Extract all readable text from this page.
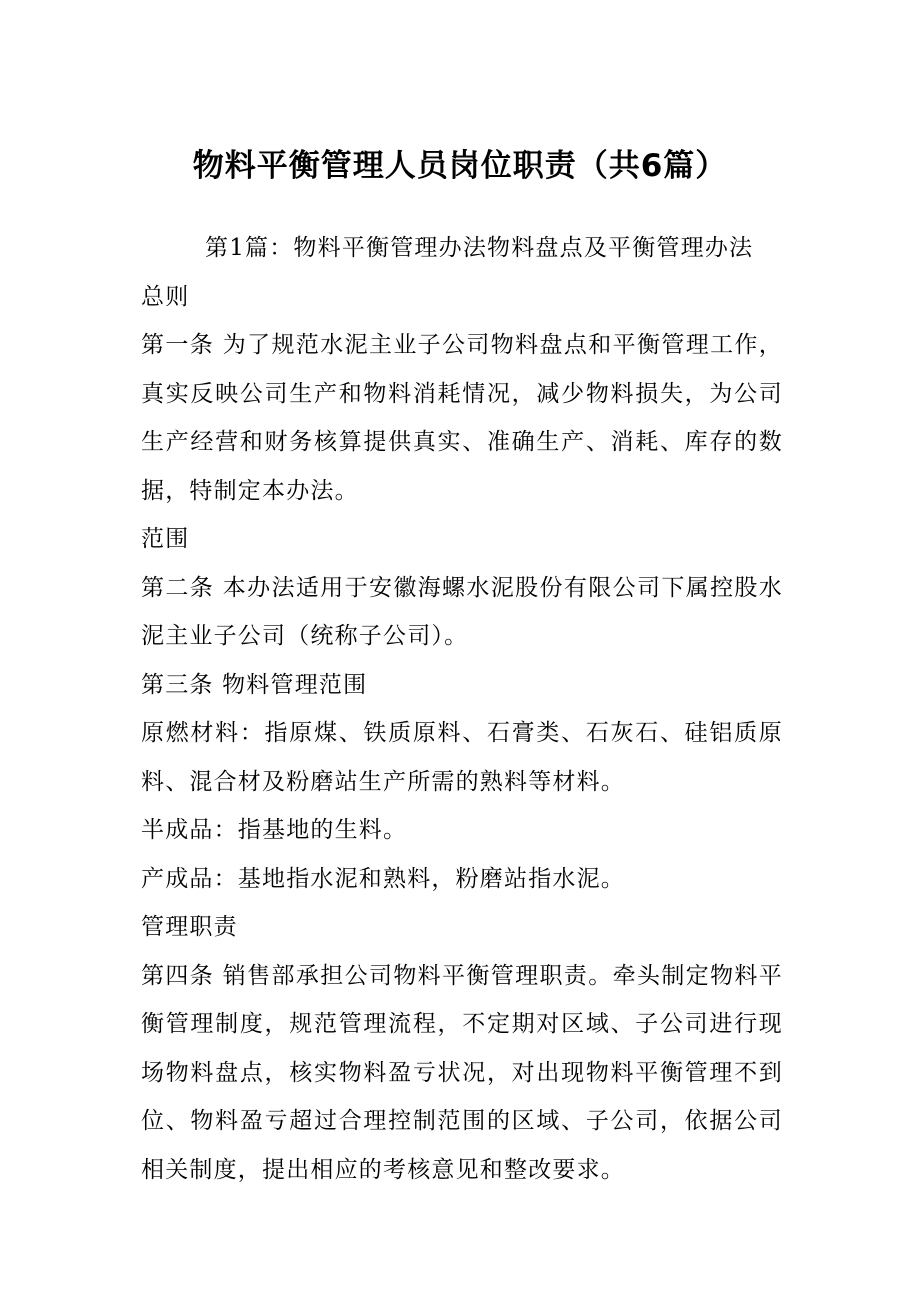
物料平衡管理人员岗位职责（共6篇）

第1篇：物料平衡管理办法物料盘点及平衡管理办法

总则

第一条 为了规范水泥主业子公司物料盘点和平衡管理工作，真实反映公司生产和物料消耗情况，减少物料损失，为公司生产经营和财务核算提供真实、准确生产、消耗、库存的数据，特制定本办法。

范围

第二条 本办法适用于安徽海螺水泥股份有限公司下属控股水泥主业子公司（统称子公司）。

第三条 物料管理范围

原燃材料：指原煤、铁质原料、石膏类、石灰石、硅铝质原料、混合材及粉磨站生产所需的熟料等材料。

半成品：指基地的生料。

产成品：基地指水泥和熟料，粉磨站指水泥。

管理职责

第四条 销售部承担公司物料平衡管理职责。牵头制定物料平衡管理制度，规范管理流程，不定期对区域、子公司进行现场物料盘点，核实物料盈亏状况，对出现物料平衡管理不到位、物料盈亏超过合理控制范围的区域、子公司，依据公司相关制度，提出相应的考核意见和整改要求。
